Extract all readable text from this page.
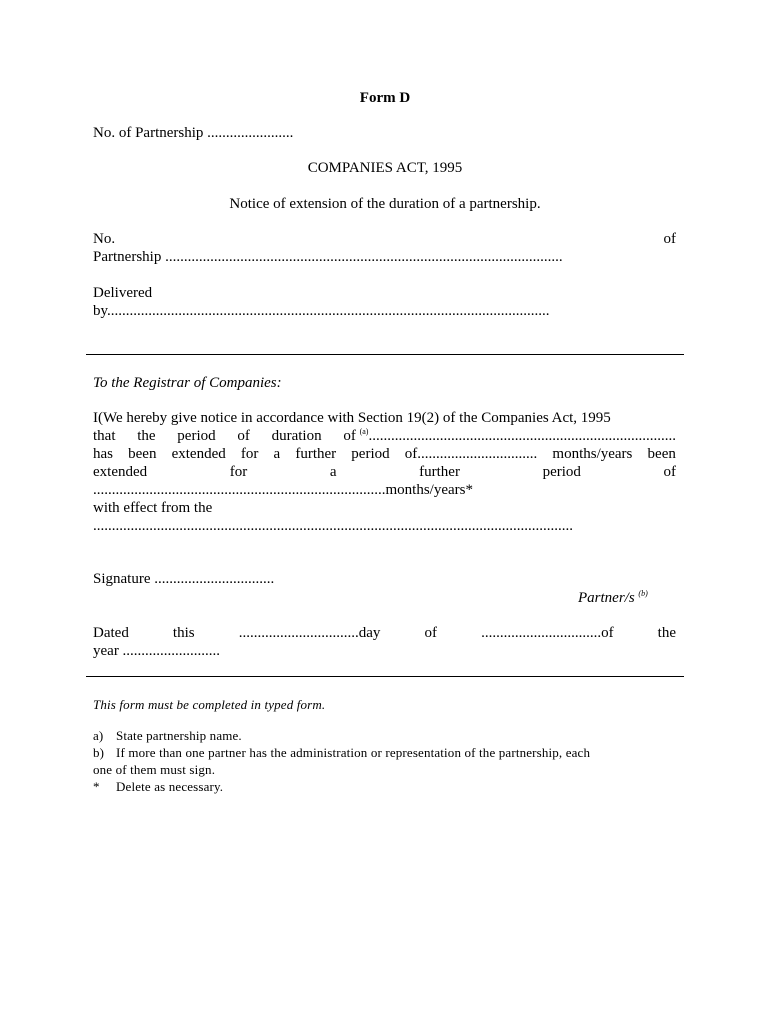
Form D
No. of Partnership .......................
COMPANIES ACT, 1995
Notice of extension of the duration of a partnership.
No.	of
Partnership ..........................................................................................................
Delivered
by......................................................................................................................
To the Registrar of Companies:
I(We hereby give notice in accordance with Section 19(2) of the Companies Act, 1995
that the period of duration of $^{(a)}$..................................................................................
has been extended for a further period of................................ months/years been
extended	for	a	further	period	of
..............................................................................months/years*
with effect from the
................................................................................................................................
Signature ................................
Partner/s $^{(b)}$
Dated	this	................................day	of	................................of	the
year ..........................
This form must be completed in typed form.
a) State partnership name.
b) If more than one partner has the administration or representation of the partnership, each
one of them must sign.
* Delete as necessary.
